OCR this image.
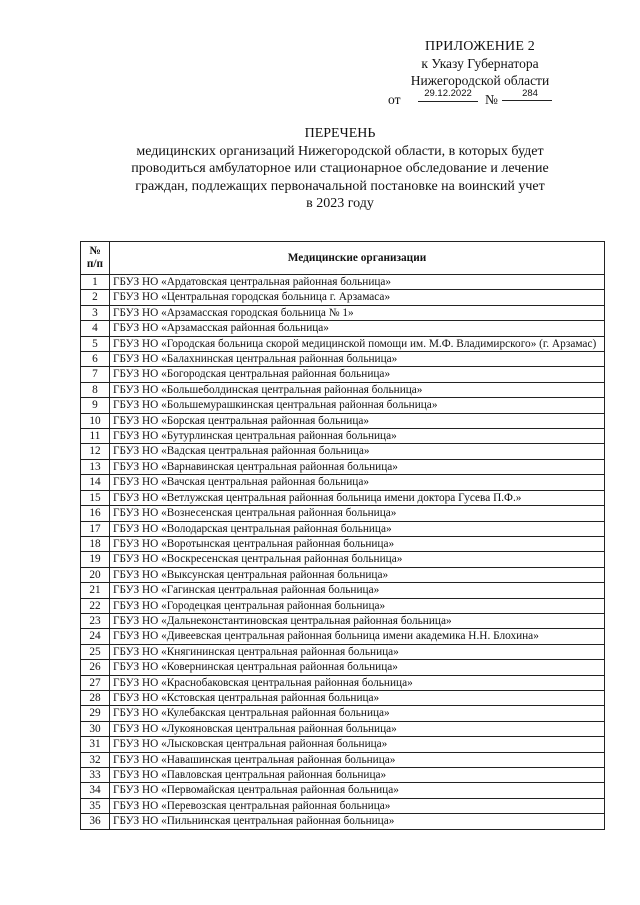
ПРИЛОЖЕНИЕ 2
к Указу Губернатора
Нижегородской области
от	29.12.2022 №	284
ПЕРЕЧЕНЬ
медицинских организаций Нижегородской области, в которых будет
проводиться амбулаторное или стационарное обследование и лечение
граждан, подлежащих первоначальной постановке на воинский учет
в 2023 году
№
п/п	Медицинские организации
1	ГБУЗ НО «Ардатовская центральная районная больница»
2	ГБУЗ НО «Центральная городская больница г. Арзамаса»
3	ГБУЗ НО «Арзамасская городская больница № 1»
4	ГБУЗ НО «Арзамасская районная больница»
5	ГБУЗ НО «Городская больница скорой медицинской помощи им. М.Ф. Владимирского» (г. Арзамас)
6	ГБУЗ НО «Балахнинская центральная районная больница»
7	ГБУЗ НО «Богородская центральная районная больница»
8	ГБУЗ НО «Большеболдинская центральная районная больница»
9	ГБУЗ НО «Большемурашкинская центральная районная больница»
10	ГБУЗ НО «Борская центральная районная больница»
11	ГБУЗ НО «Бутурлинская центральная районная больница»
12	ГБУЗ НО «Вадская центральная районная больница»
13	ГБУЗ НО «Варнавинская центральная районная больница»
14	ГБУЗ НО «Вачская центральная районная больница»
15	ГБУЗ НО «Ветлужская центральная районная больница имени доктора Гусева П.Ф.»
16	ГБУЗ НО «Вознесенская центральная районная больница»
17	ГБУЗ НО «Володарская центральная районная больница»
18	ГБУЗ НО «Воротынская центральная районная больница»
19	ГБУЗ НО «Воскресенская центральная районная больница»
20	ГБУЗ НО «Выксунская центральная районная больница»
21	ГБУЗ НО «Гагинская центральная районная больница»
22	ГБУЗ НО «Городецкая центральная районная больница»
23	ГБУЗ НО «Дальнеконстантиновская центральная районная больница»
24	ГБУЗ НО «Дивеевская центральная районная больница имени академика Н.Н. Блохина»
25	ГБУЗ НО «Княгининская центральная районная больница»
26	ГБУЗ НО «Ковернинская центральная районная больница»
27	ГБУЗ НО «Краснобаковская центральная районная больница»
28	ГБУЗ НО «Кстовская центральная районная больница»
29	ГБУЗ НО «Кулебакская центральная районная больница»
30	ГБУЗ НО «Лукояновская центральная районная больница»
31	ГБУЗ НО «Лысковская центральная районная больница»
32	ГБУЗ НО «Навашинская центральная районная больница»
33	ГБУЗ НО «Павловская центральная районная больница»
34	ГБУЗ НО «Первомайская центральная районная больница»
35	ГБУЗ НО «Перевозская центральная районная больница»
36	ГБУЗ НО «Пильнинская центральная районная больница»
